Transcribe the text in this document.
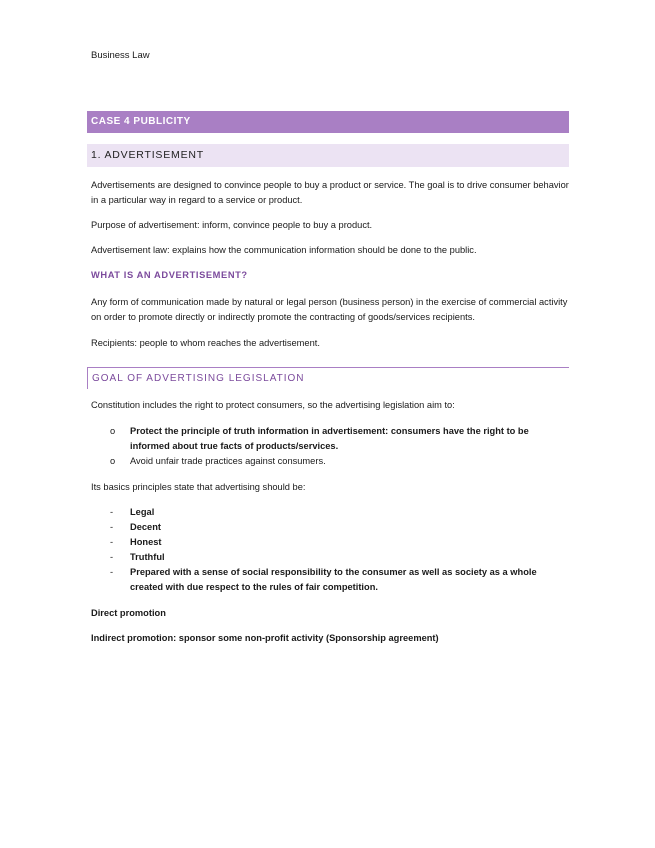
Business Law
CASE 4 PUBLICITY
1. ADVERTISEMENT
Advertisements are designed to convince people to buy a product or service. The goal is to drive consumer behavior in a particular way in regard to a service or product.
Purpose of advertisement: inform, convince people to buy a product.
Advertisement law: explains how the communication information should be done to the public.
WHAT IS AN ADVERTISEMENT?
Any form of communication made by natural or legal person (business person) in the exercise of commercial activity on order to promote directly or indirectly promote the contracting of goods/services recipients.
Recipients: people to whom reaches the advertisement.
GOAL OF ADVERTISING LEGISLATION
Constitution includes the right to protect consumers, so the advertising legislation aim to:
o Protect the principle of truth information in advertisement: consumers have the right to be informed about true facts of products/services.
o Avoid unfair trade practices against consumers.
Its basics principles state that advertising should be:
- Legal
- Decent
- Honest
- Truthful
- Prepared with a sense of social responsibility to the consumer as well as society as a whole created with due respect to the rules of fair competition.
Direct promotion
Indirect promotion: sponsor some non-profit activity (Sponsorship agreement)
